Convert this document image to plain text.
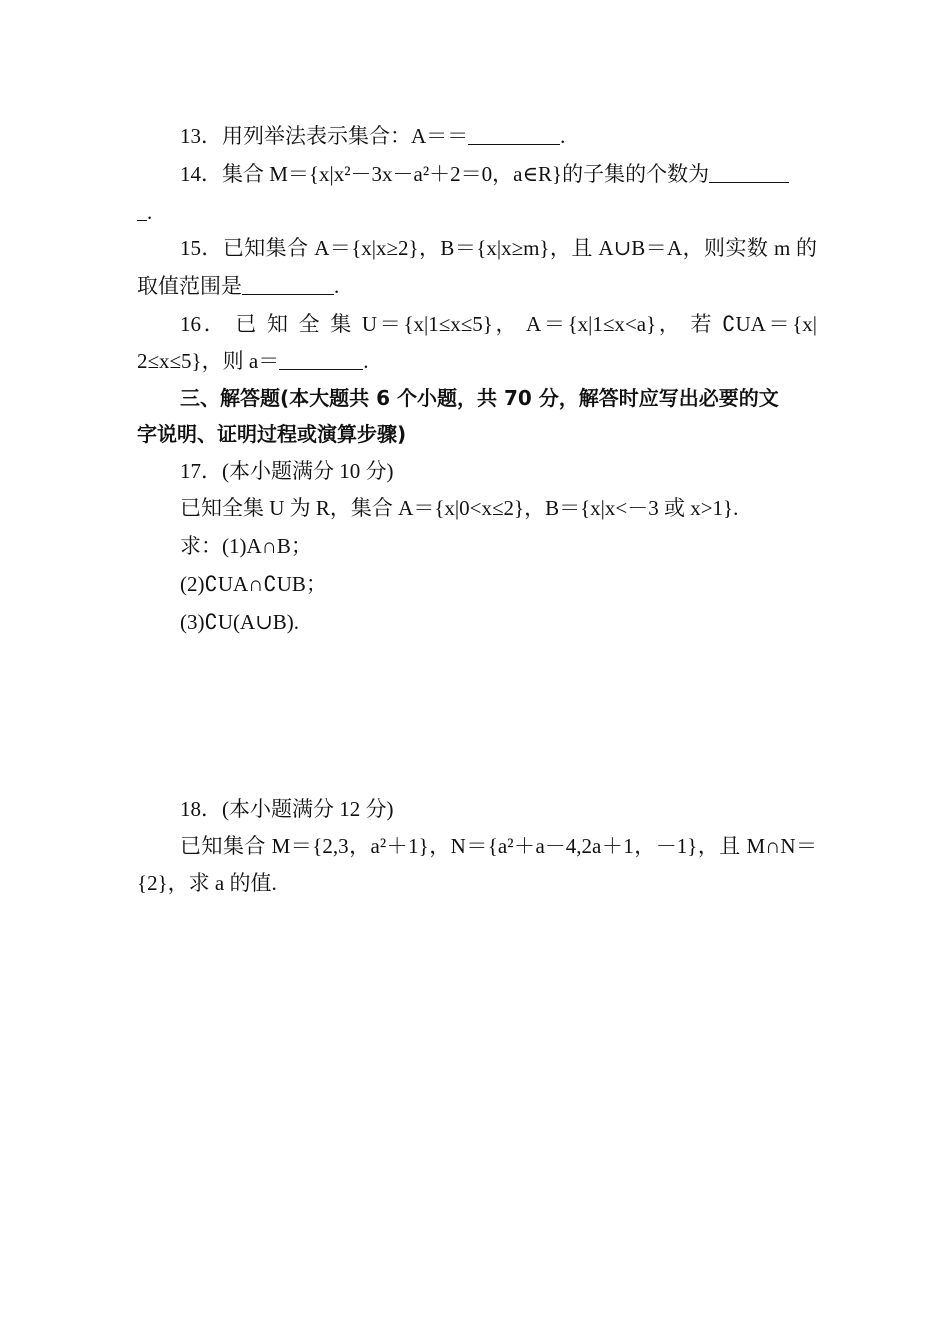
13．用列举法表示集合：A＝＝	.
14．集合 M＝{x|x²－3x－a²＋2＝0，a∈R}的子集的个数为
.
15．已知集合 A＝{x|x≥2}，B＝{x|x≥m}，且 A∪B＝A，则实数 m 的
取值范围是	.
16． 已 知 全 集 U＝{x|1≤x≤5}， A＝{x|1≤x<a}， 若 ∁UA＝{x|
2≤x≤5}，则 a＝	.
三、解答题(本大题共 6 个小题，共 70 分，解答时应写出必要的文
字说明、证明过程或演算步骤)
17．(本小题满分 10 分)
已知全集 U 为 R，集合 A＝{x|0<x≤2}，B＝{x|x<－3 或 x>1}.
求：(1)A∩B；
(2)∁UA∩∁UB；
(3)∁U(A∪B).
18．(本小题满分 12 分)
已知集合 M＝{2,3，a²＋1}，N＝{a²＋a－4,2a＋1，－1}，且 M∩N＝
{2}，求 a 的值.
